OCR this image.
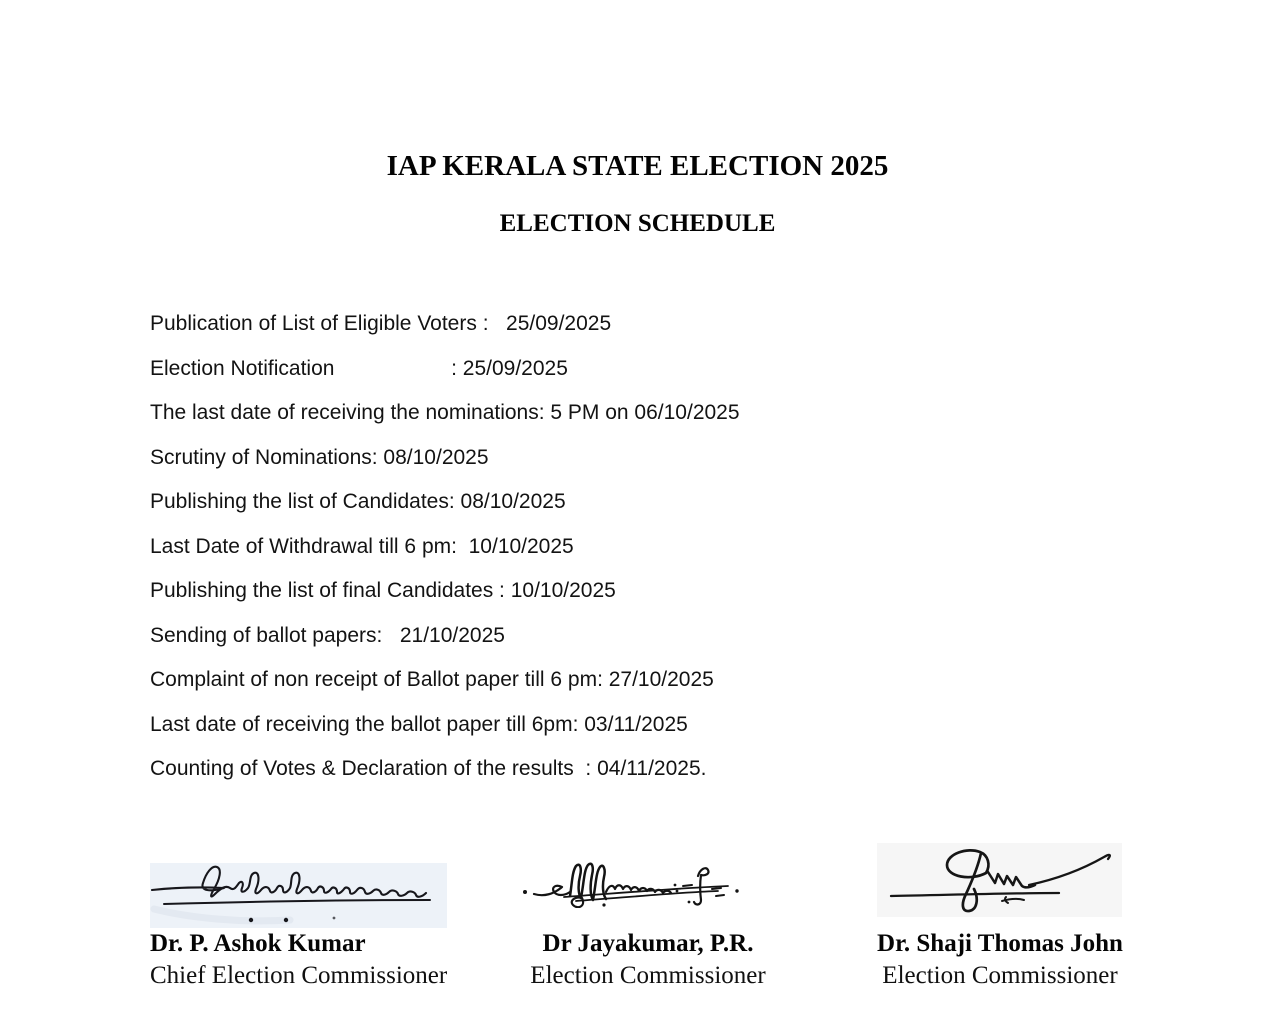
IAP KERALA STATE ELECTION 2025
ELECTION SCHEDULE
Publication of List of Eligible Voters :   25/09/2025
Election Notification                    : 25/09/2025
The last date of receiving the nominations: 5 PM on 06/10/2025
Scrutiny of Nominations: 08/10/2025
Publishing the list of Candidates: 08/10/2025
Last Date of Withdrawal till 6 pm:  10/10/2025
Publishing the list of final Candidates : 10/10/2025
Sending of ballot papers:   21/10/2025
Complaint of non receipt of Ballot paper till 6 pm: 27/10/2025
Last date of receiving the ballot paper till 6pm: 03/11/2025
Counting of Votes & Declaration of the results  : 04/11/2025.
Dr. P. Ashok Kumar
Chief Election Commissioner
Dr Jayakumar, P.R.
Election Commissioner
Dr. Shaji Thomas John
Election Commissioner
